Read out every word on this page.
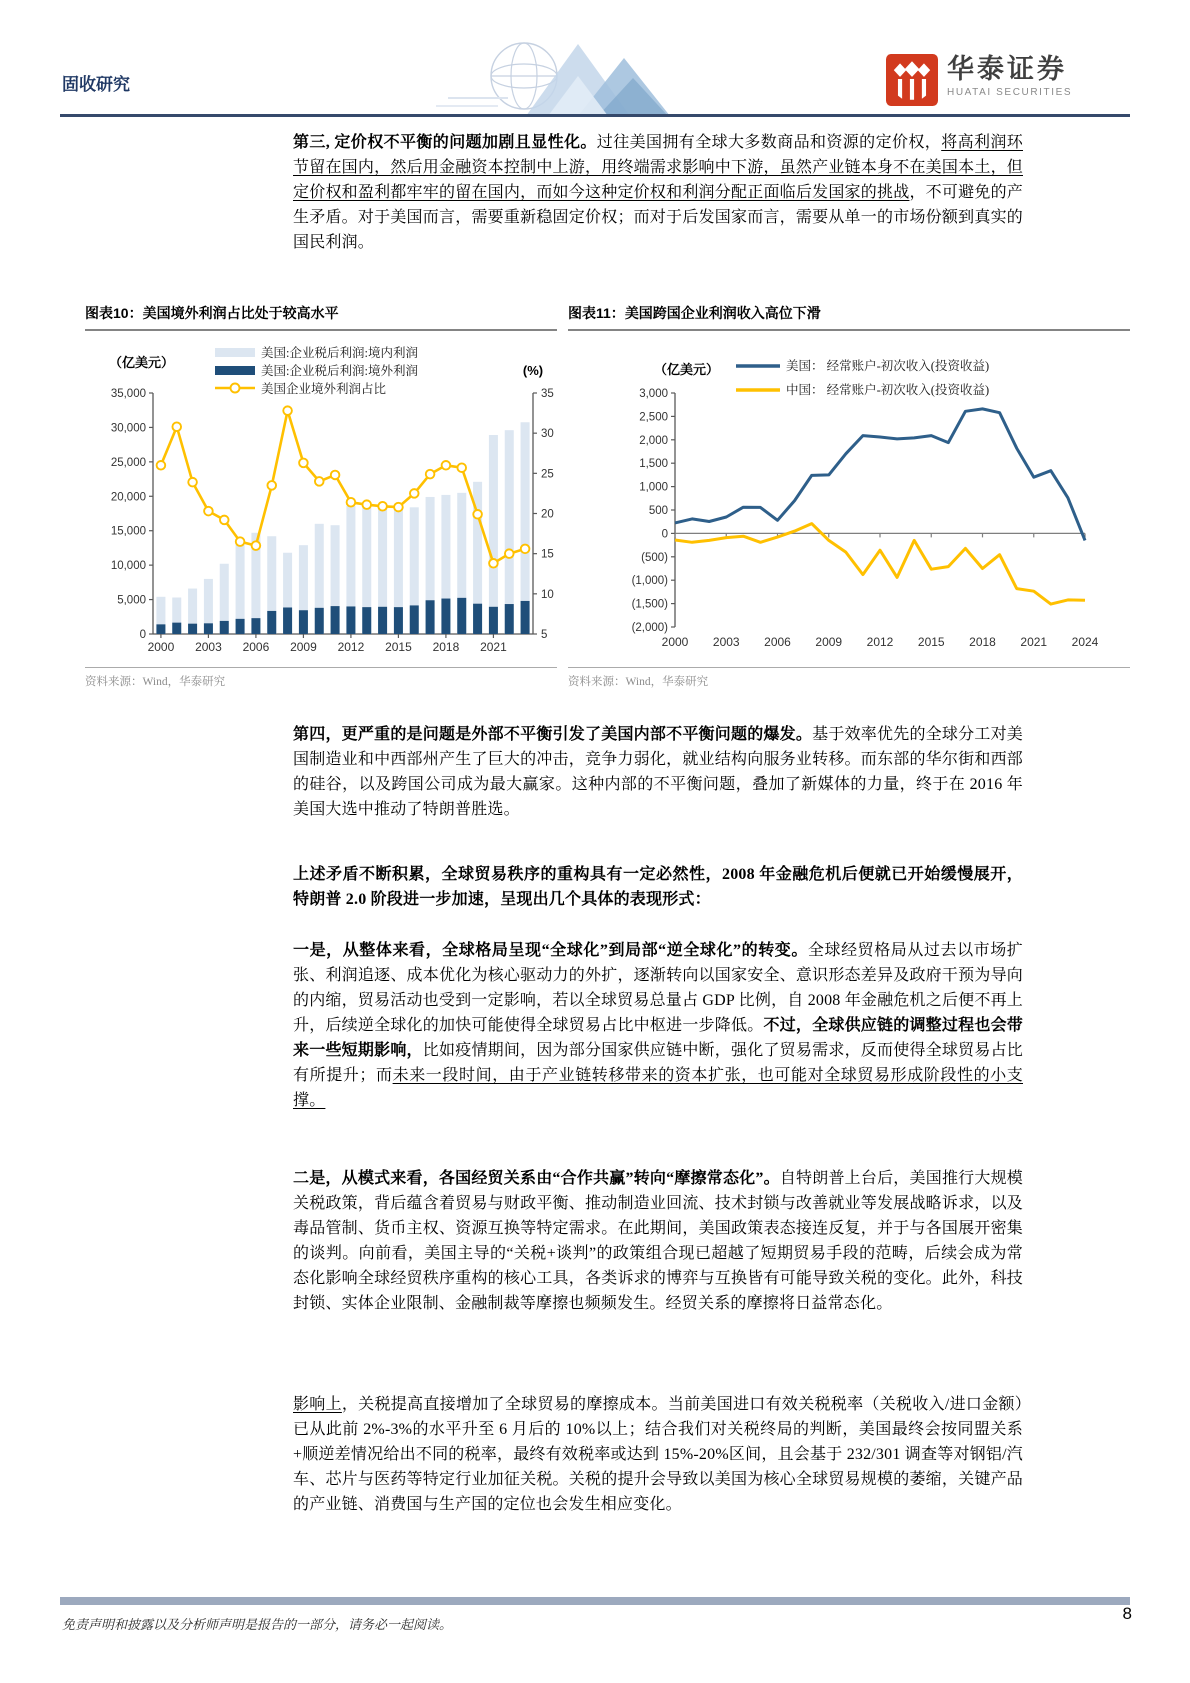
固收研究
华泰证券
HUATAI SECURITIES

第三, 定价权不平衡的问题加剧且显性化。过往美国拥有全球大多数商品和资源的定价权，将高利润环节留在国内，然后用金融资本控制中上游，用终端需求影响中下游，虽然产业链本身不在美国本土，但定价权和盈利都牢牢的留在国内，而如今这种定价权和利润分配正面临后发国家的挑战，不可避免的产生矛盾。对于美国而言，需要重新稳固定价权；而对于后发国家而言，需要从单一的市场份额到真实的国民利润。

图表10：美国境外利润占比处于较高水平
0
5,000
10,000
15,000
20,000
25,000
30,000
35,000
5
10
15
20
25
30
35
2000 2003 2006 2009 2012 2015 2018 2021
（亿美元）
(%)
美国:企业税后利润:境内利润
美国:企业税后利润:境外利润
美国企业境外利润占比
资料来源：Wind，华泰研究
图表11：美国跨国企业利润收入高位下滑
3,000
2,500
2,000
1,500
1,000
500
0
(500)
(1,000)
(1,500)
(2,000)
2000 2003 2006 2009 2012 2015 2018 2021 2024
（亿美元）	美国： 经常账户-初次收入(投资收益)
中国： 经常账户-初次收入(投资收益)
资料来源：Wind，华泰研究

第四，更严重的是问题是外部不平衡引发了美国内部不平衡问题的爆发。基于效率优先的全球分工对美国制造业和中西部州产生了巨大的冲击，竞争力弱化，就业结构向服务业转移。而东部的华尔街和西部的硅谷，以及跨国公司成为最大赢家。这种内部的不平衡问题，叠加了新媒体的力量，终于在 2016 年美国大选中推动了特朗普胜选。

上述矛盾不断积累，全球贸易秩序的重构具有一定必然性，2008 年金融危机后便就已开始缓慢展开，特朗普 2.0 阶段进一步加速，呈现出几个具体的表现形式：

一是，从整体来看，全球格局呈现“全球化”到局部“逆全球化”的转变。全球经贸格局从过去以市场扩张、利润追逐、成本优化为核心驱动力的外扩，逐渐转向以国家安全、意识形态差异及政府干预为导向的内缩，贸易活动也受到一定影响，若以全球贸易总量占 GDP 比例，自 2008 年金融危机之后便不再上升，后续逆全球化的加快可能使得全球贸易占比中枢进一步降低。不过，全球供应链的调整过程也会带来一些短期影响，比如疫情期间，因为部分国家供应链中断，强化了贸易需求，反而使得全球贸易占比有所提升；而未来一段时间，由于产业链转移带来的资本扩张，也可能对全球贸易形成阶段性的小支撑。

二是，从模式来看，各国经贸关系由“合作共赢”转向“摩擦常态化”。自特朗普上台后，美国推行大规模关税政策，背后蕴含着贸易与财政平衡、推动制造业回流、技术封锁与改善就业等发展战略诉求，以及毒品管制、货币主权、资源互换等特定需求。在此期间，美国政策表态接连反复，并于与各国展开密集的谈判。向前看，美国主导的“关税+谈判”的政策组合现已超越了短期贸易手段的范畴，后续会成为常态化影响全球经贸秩序重构的核心工具，各类诉求的博弈与互换皆有可能导致关税的变化。此外，科技封锁、实体企业限制、金融制裁等摩擦也频频发生。经贸关系的摩擦将日益常态化。

影响上，关税提高直接增加了全球贸易的摩擦成本。当前美国进口有效关税税率（关税收入/进口金额）已从此前 2%-3%的水平升至 6 月后的 10%以上；结合我们对关税终局的判断，美国最终会按同盟关系+顺逆差情况给出不同的税率，最终有效税率或达到 15%-20%区间，且会基于 232/301 调查等对钢铝/汽车、芯片与医药等特定行业加征关税。关税的提升会导致以美国为核心全球贸易规模的萎缩，关键产品的产业链、消费国与生产国的定位也会发生相应变化。

免责声明和披露以及分析师声明是报告的一部分，请务必一起阅读。
8
